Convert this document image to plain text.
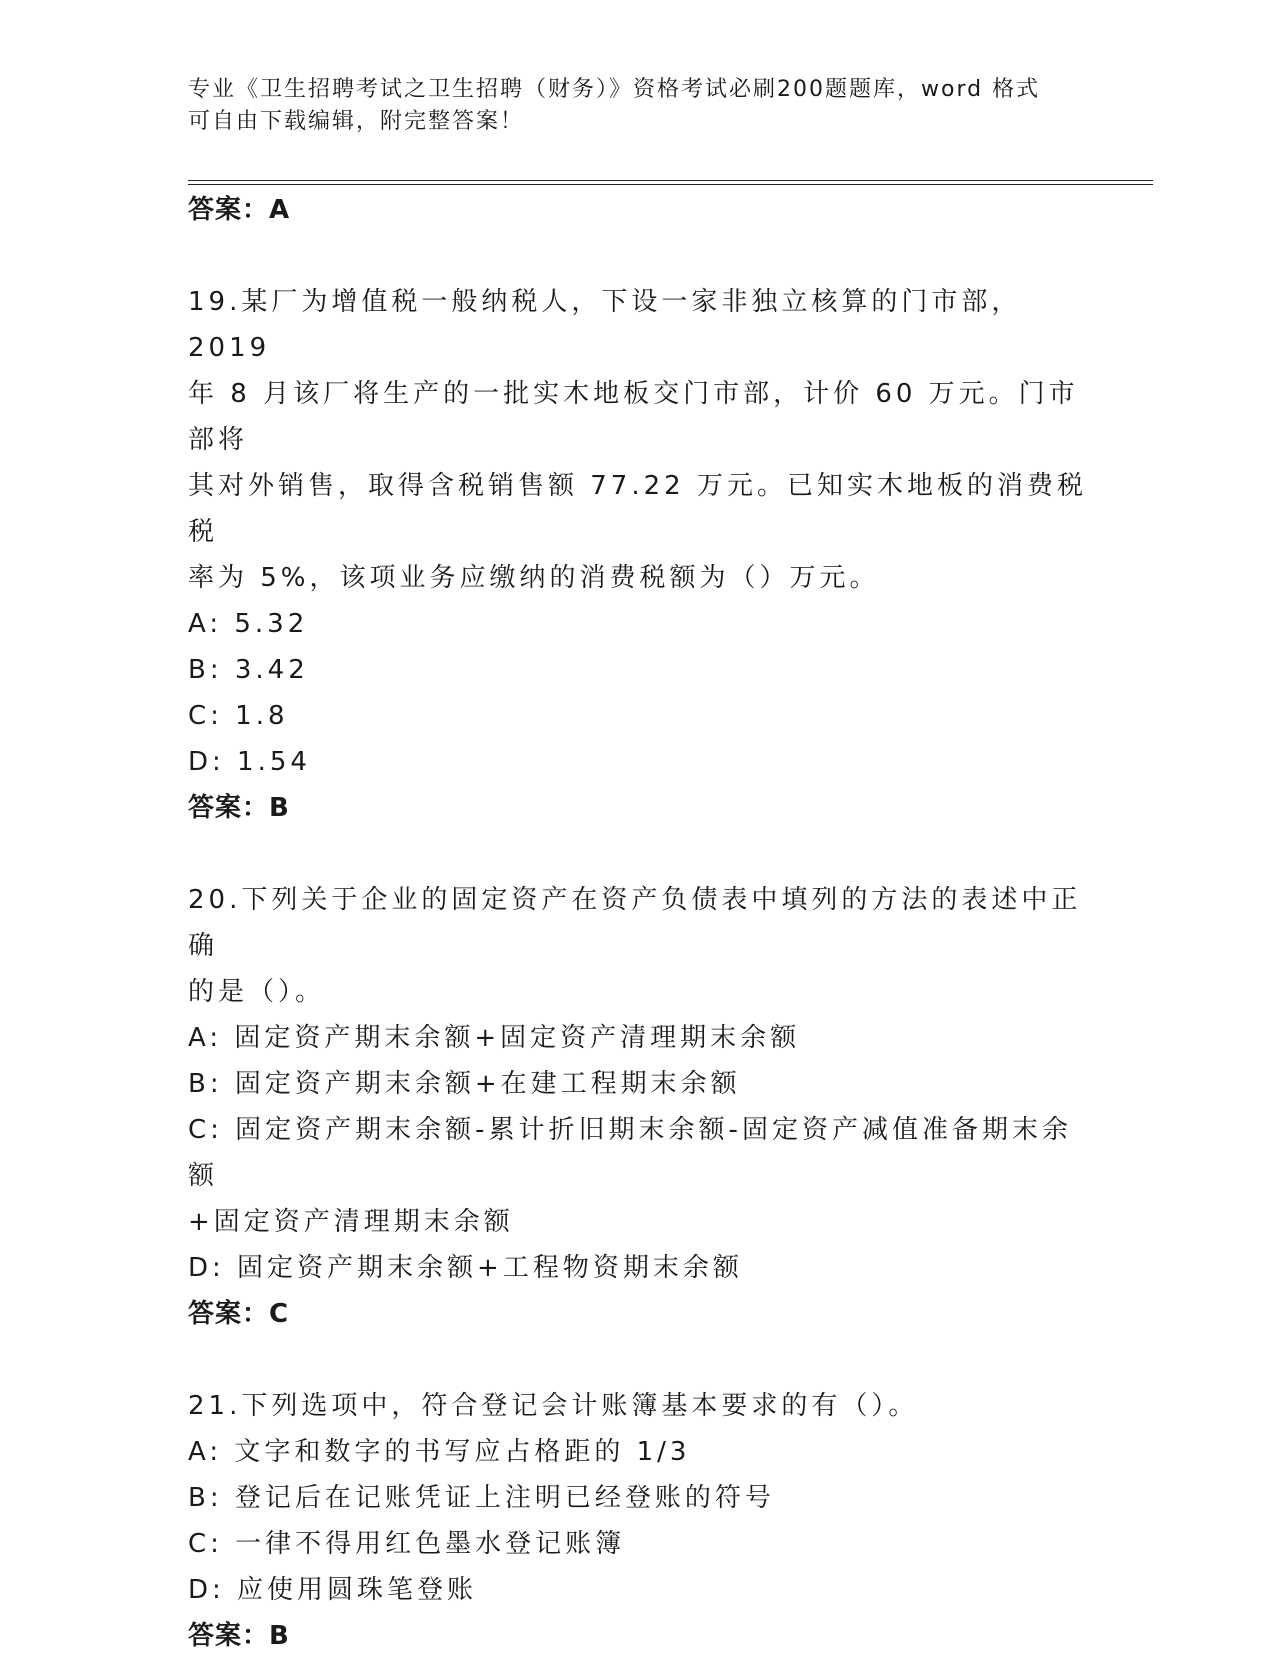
专业《卫生招聘考试之卫生招聘（财务）》资格考试必刷200题题库，word 格式
可自由下载编辑，附完整答案！

答案：A

19.某厂为增值税一般纳税人，下设一家非独立核算的门市部，2019

年 8 月该厂将生产的一批实木地板交门市部，计价 60 万元。门市部将

其对外销售，取得含税销售额 77.22 万元。已知实木地板的消费税税

率为 5%，该项业务应缴纳的消费税额为（）万元。

A: 5.32

B: 3.42

C: 1.8

D: 1.54

答案：B

20.下列关于企业的固定资产在资产负债表中填列的方法的表述中正确

的是（）。

A: 固定资产期末余额+固定资产清理期末余额

B: 固定资产期末余额+在建工程期末余额

C: 固定资产期末余额-累计折旧期末余额-固定资产减值准备期末余额

+固定资产清理期末余额

D: 固定资产期末余额+工程物资期末余额

答案：C

21.下列选项中，符合登记会计账簿基本要求的有（）。

A: 文字和数字的书写应占格距的 1/3

B: 登记后在记账凭证上注明已经登账的符号

C: 一律不得用红色墨水登记账簿

D: 应使用圆珠笔登账

答案：B
